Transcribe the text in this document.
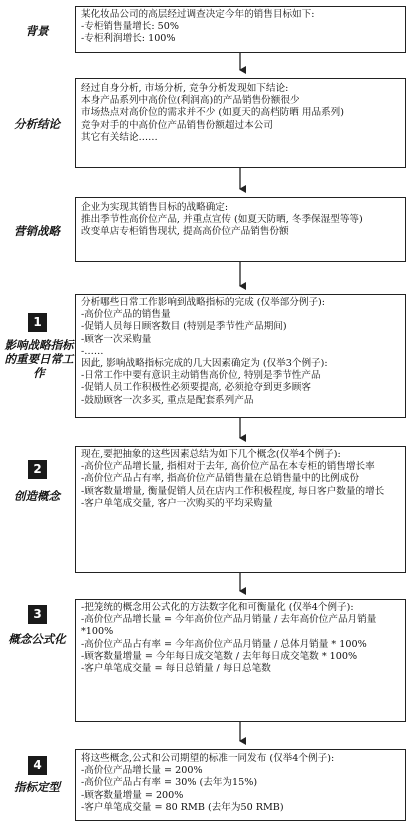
背景
某化妆品公司的高层经过调查决定今年的销售目标如下:
-专柜销售量增长: 50%
-专柜利润增长: 100%
分析结论
经过自身分析, 市场分析, 竞争分析发现如下结论:
本身产品系列中高价位(利润高)的产品销售份额很少
市场热点对高价位的需求并不少 (如夏天的高档防晒 用品系列)
竞争对手的中高价位产品销售份额超过本公司
其它有关结论……
营销战略
企业为实现其销售目标的战略确定:
推出季节性高价位产品, 并重点宣传 (如夏天防晒, 冬季保湿型等等)
改变单店专柜销售现状, 提高高价位产品销售份额
1
影响战略指标的重要日常工作
分析哪些日常工作影响到战略指标的完成 (仅举部分例子):
-高价位产品的销售量
-促销人员每日顾客数目 (特别是季节性产品期间)
-顾客一次采购量
-……
因此, 影响战略指标完成的几大因素确定为 (仅举3个例子):
-日常工作中要有意识主动销售高价位, 特别是季节性产品
-促销人员工作积极性必须要提高, 必须抢夺到更多顾客
-鼓励顾客一次多买, 重点是配套系列产品
2
创造概念
现在,要把抽象的这些因素总结为如下几个概念(仅举4个例子):
-高价位产品增长量, 指相对于去年, 高价位产品在本专柜的销售增长率
-高价位产品占有率, 指高价位产品销售量在总销售量中的比例成份
-顾客数量增量, 衡量促销人员在店内工作积极程度, 每日客户数量的增长
-客户单笔成交量, 客户一次购买的平均采购量
3
概念公式化
-把笼统的概念用公式化的方法数字化和可衡量化 (仅举4个例子):
-高价位产品增长量 = 今年高价位产品月销量 / 去年高价位产品月销量 *100%
-高价位产品占有率 = 今年高价位产品月销量 / 总体月销量 * 100%
-顾客数量增量 = 今年每日成交笔数 / 去年每日成交笔数 * 100%
-客户单笔成交量 = 每日总销量 / 每日总笔数
4
指标定型
将这些概念,公式和公司期望的标准一同发布 (仅举4个例子):
-高价位产品增长量 = 200%
-高价位产品占有率 = 30% (去年为15%)
-顾客数量增量 = 200%
-客户单笔成交量 = 80 RMB (去年为50 RMB)
